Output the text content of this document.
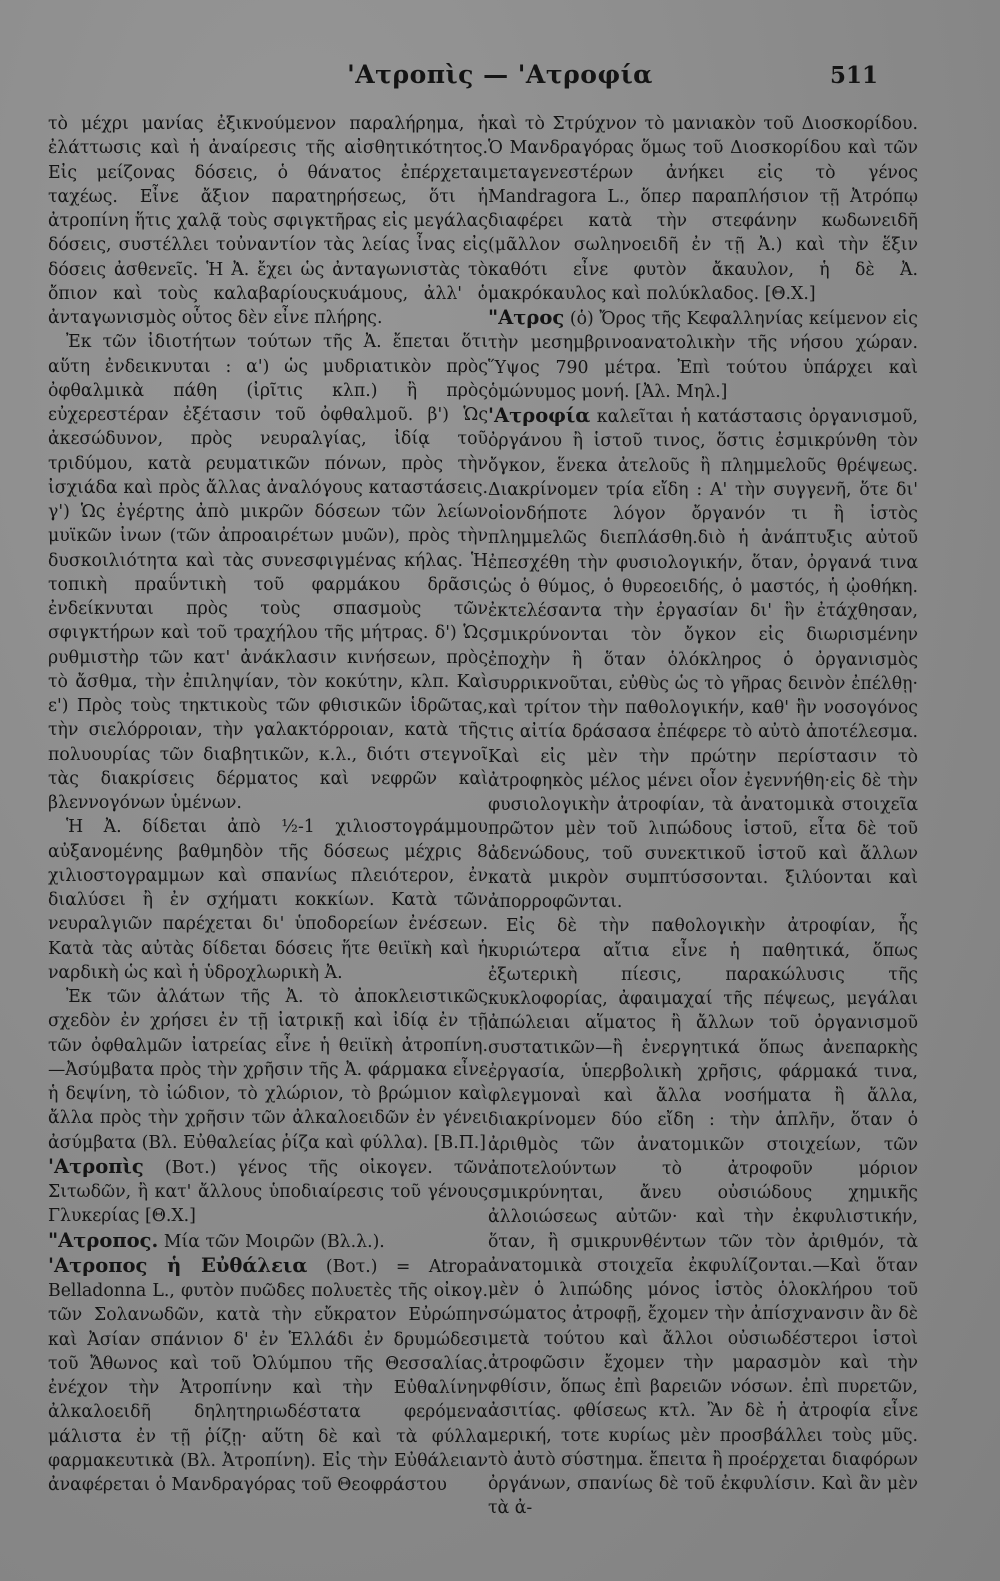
'Ατροπὶς — 'Ατροφία	511

τὸ μέχρι μανίας ἐξικνούμενον παραλήρημα, ἡ ἐλάττωσις καὶ ἡ ἀναίρεσις τῆς αἰσθητικότητος. Εἰς μείζονας δόσεις, ὁ θάνατος ἐπέρχεται ταχέως. Εἶνε ἄξιον παρατηρήσεως, ὅτι ἡ ἀτροπίνη ἥτις χαλᾷ τοὺς σφιγκτῆρας εἰς μεγάλας δόσεις, συστέλλει τοὐναντίον τὰς λείας ἶνας εἰς δόσεις ἀσθενεῖς. Ἡ Ἀ. ἔχει ὡς ἀνταγωνιστὰς τὸ ὄπιον καὶ τοὺς καλαβαρίουςκυάμους, ἀλλ' ὁ ἀνταγωνισμὸς οὗτος δὲν εἶνε πλήρης.

Ἐκ τῶν ἰδιοτήτων τούτων τῆς Ἀ. ἔπεται ὅτι αὕτη ἐνδεικνυται : α') ὡς μυδριατικὸν πρὸς ὀφθαλμικὰ πάθη (ἰρῖτις κλπ.) ἢ πρὸς εὐχερεστέραν ἐξέτασιν τοῦ ὀφθαλμοῦ. β') Ὡς ἀκεσώδυνον, πρὸς νευραλγίας, ἰδίᾳ τοῦ τριδύμου, κατὰ ρευματικῶν πόνων, πρὸς τὴν ἰσχιάδα καὶ πρὸς ἄλλας ἀναλόγους καταστάσεις. γ') Ὡς ἐγέρτης ἀπὸ μικρῶν δόσεων τῶν λείων μυϊκῶν ἰνων (τῶν ἀπροαιρέτων μυῶν), πρὸς τὴν δυσκοιλιότητα καὶ τὰς συνεσφιγμένας κήλας. Ἡ τοπικὴ πραΰντικὴ τοῦ φαρμάκου δρᾶσις ἐνδείκνυται πρὸς τοὺς σπασμοὺς τῶν σφιγκτήρων καὶ τοῦ τραχήλου τῆς μήτρας. δ') Ὡς ρυθμιστὴρ τῶν κατ' ἀνάκλασιν κινήσεων, πρὸς τὸ ἄσθμα, τὴν ἐπιληψίαν, τὸν κοκύτην, κλπ. Καὶ ε') Πρὸς τοὺς τηκτικοὺς τῶν φθισικῶν ἱδρῶτας, τὴν σιελόρροιαν, τὴν γαλακτόρροιαν, κατὰ τῆς πολυουρίας τῶν διαβητικῶν, κ.λ., διότι στεγνοῖ τὰς διακρίσεις δέρματος καὶ νεφρῶν καὶ βλεννογόνων ὑμένων.

Ἡ Ἀ. δίδεται ἀπὸ ½-1 χιλιοστογράμμου αὐξανομένης βαθμηδὸν τῆς δόσεως μέχρις 8 χιλιοστογραμμων καὶ σπανίως πλειότερον, ἐν διαλύσει ἢ ἐν σχήματι κοκκίων. Κατὰ τῶν νευραλγιῶν παρέχεται δι' ὑποδορείων ἐνέσεων. Κατὰ τὰς αὐτὰς δίδεται δόσεις ἥτε θειϊκὴ καὶ ἡ ναρδικὴ ὡς καὶ ἡ ὑδροχλωρικὴ Ἀ.

Ἐκ τῶν ἀλάτων τῆς Ἀ. τὸ ἀποκλειστικῶς σχεδὸν ἐν χρήσει ἐν τῇ ἰατρικῇ καὶ ἰδίᾳ ἐν τῇ τῶν ὀφθαλμῶν ἰατρείας εἶνε ἡ θειϊκὴ ἀτροπίνη. —Ἀσύμβατα πρὸς τὴν χρῆσιν τῆς Ἀ. φάρμακα εἶνε ἡ δεψίνη, τὸ ἰώδιον, τὸ χλώριον, τὸ βρώμιον καὶ ἄλλα πρὸς τὴν χρῆσιν τῶν ἀλκαλοειδῶν ἐν γένει ἀσύμβατα (Βλ. Εὐθαλείας ῥίζα καὶ φύλλα). [Β.Π.]

'Ατροπὶς (Βοτ.) γένος τῆς οἰκογεν. τῶν Σιτωδῶν, ἢ κατ' ἄλλους ὑποδιαίρεσις τοῦ γένους Γλυκερίας [Θ.Χ.]

"Ατροπος. Μία τῶν Μοιρῶν (Βλ.λ.).

'Ατροπος ἡ Εὐθάλεια (Βοτ.) = Atropa Belladonna L., φυτὸν πυῶδες πολυετὲς τῆς οἰκογ. τῶν Σολανωδῶν, κατὰ τὴν εὔκρατον Εὐρώπην καὶ Ἀσίαν σπάνιον δ' ἐν Ἑλλάδι ἐν δρυμώδεσι τοῦ Ἄθωνος καὶ τοῦ Ὀλύμπου τῆς Θεσσαλίας. ἐνέχον τὴν Ἀτροπίνην καὶ τὴν Εὐθαλίνην ἀλκαλοειδῆ δηλητηριωδέστατα φερόμενα μάλιστα ἐν τῇ ῥίζῃ· αὕτη δὲ καὶ τὰ φύλλα φαρμακευτικὰ (Βλ. Ἀτροπίνη). Εἰς τὴν Εὐθάλειαν ἀναφέρεται ὁ Μανδραγόρας τοῦ Θεοφράστου

καὶ τὸ Στρύχνον τὸ μανιακὸν τοῦ Διοσκορίδου. Ὁ Μανδραγόρας ὅμως τοῦ Διοσκορίδου καὶ τῶν μεταγενεστέρων ἀνήκει εἰς τὸ γένος Mandragora L., ὅπερ παραπλήσιον τῇ Ἀτρόπῳ διαφέρει κατὰ τὴν στεφάνην κωδωνειδῆ (μᾶλλον σωληνοειδῆ ἐν τῇ Ἀ.) καὶ τὴν ἕξιν καθότι εἶνε φυτὸν ἄκαυλον, ἡ δὲ Ἀ. μακρόκαυλος καὶ πολύκλαδος. [Θ.Χ.]

"Ατρος (ὁ) Ὄρος τῆς Κεφαλληνίας κείμενον εἰς τὴν μεσημβρινοανατολικὴν τῆς νήσου χώραν. Ὕψος 790 μέτρα. Ἐπὶ τούτου ὑπάρχει καὶ ὁμώνυμος μονή. [Ἀλ. Μηλ.]

'Ατροφία καλεῖται ἡ κατάστασις ὀργανισμοῦ, ὀργάνου ἢ ἱστοῦ τινος, ὅστις ἐσμικρύνθη τὸν ὄγκον, ἕνεκα ἀτελοῦς ἢ πλημμελοῦς θρέψεως. Διακρίνομεν τρία εἴδη : Α' τὴν συγγενῆ, ὅτε δι' οἱονδήποτε λόγον ὄργανόν τι ἢ ἱστὸς πλημμελῶς διεπλάσθη.διὸ ἡ ἀνάπτυξις αὐτοῦ ἐπεσχέθη τὴν φυσιολογικήν, ὅταν, ὀργανά τινα ὡς ὁ θύμος, ὁ θυρεοειδής, ὁ μαστός, ἡ ᾠοθήκη. ἐκτελέσαντα τὴν ἐργασίαν δι' ἣν ἐτάχθησαν, σμικρύνονται τὸν ὄγκον εἰς διωρισμένην ἐποχὴν ἢ ὅταν ὁλόκληρος ὁ ὀργανισμὸς συρρικνοῦται, εὐθὺς ὡς τὸ γῆρας δεινὸν ἐπέλθῃ· καὶ τρίτον τὴν παθολογικήν, καθ' ἣν νοσογόνος τις αἰτία δράσασα ἐπέφερε τὸ αὐτὸ ἀποτέλεσμα. Καὶ εἰς μὲν τὴν πρώτην περίστασιν τὸ ἀτροφηκὸς μέλος μένει οἷον ἐγεννήθη·εἰς δὲ τὴν φυσιολογικὴν ἀτροφίαν, τὰ ἀνατομικὰ στοιχεῖα πρῶτον μὲν τοῦ λιπώδους ἱστοῦ, εἶτα δὲ τοῦ ἀδενώδους, τοῦ συνεκτικοῦ ἱστοῦ καὶ ἄλλων κατὰ μικρὸν συμπτύσσονται. ξιλύονται καὶ ἀπορροφῶνται.

Εἰς δὲ τὴν παθολογικὴν ἀτροφίαν, ἧς κυριώτερα αἴτια εἶνε ἡ παθητικά, ὅπως ἐξωτερικὴ πίεσις, παρακώλυσις τῆς κυκλοφορίας, ἀφαιμαχαί τῆς πέψεως, μεγάλαι ἀπώλειαι αἵματος ἢ ἄλλων τοῦ ὀργανισμοῦ συστατικῶν—ἢ ἐνεργητικά ὅπως ἀνεπαρκὴς ἐργασία, ὑπερβολικὴ χρῆσις, φάρμακά τινα, φλεγμοναὶ καὶ ἄλλα νοσήματα ἢ ἄλλα, διακρίνομεν δύο εἴδη : τὴν ἁπλῆν, ὅταν ὁ ἀριθμὸς τῶν ἀνατομικῶν στοιχείων, τῶν ἀποτελούντων τὸ ἀτροφοῦν μόριον σμικρύνηται, ἄνευ οὐσιώδους χημικῆς ἀλλοιώσεως αὐτῶν· καὶ τὴν ἐκφυλιστικήν, ὅταν, ἢ σμικρυνθέντων τῶν τὸν ἀριθμόν, τὰ ἀνατομικὰ στοιχεῖα ἐκφυλίζονται.—Καὶ ὅταν μὲν ὁ λιπώδης μόνος ἱστὸς ὁλοκλήρου τοῦ σώματος ἀτροφῇ, ἔχομεν τὴν ἀπίσχνανσιν ἂν δὲ μετὰ τούτου καὶ ἄλλοι οὐσιωδέστεροι ἱστοὶ ἀτροφῶσιν ἔχομεν τὴν μαρασμὸν καὶ τὴν φθίσιν, ὅπως ἐπὶ βαρειῶν νόσων. ἐπὶ πυρετῶν, ἀσιτίας. φθίσεως κτλ. Ἂν δὲ ἡ ἀτροφία εἶνε μερική, τοτε κυρίως μὲν προσβάλλει τοὺς μῦς. τὸ ἀυτὸ σύστημα. ἔπειτα ἢ προέρχεται διαφόρων ὀργάνων, σπανίως δὲ τοῦ ἐκφυλίσιν. Καὶ ἂν μὲν τὰ ἀ-
